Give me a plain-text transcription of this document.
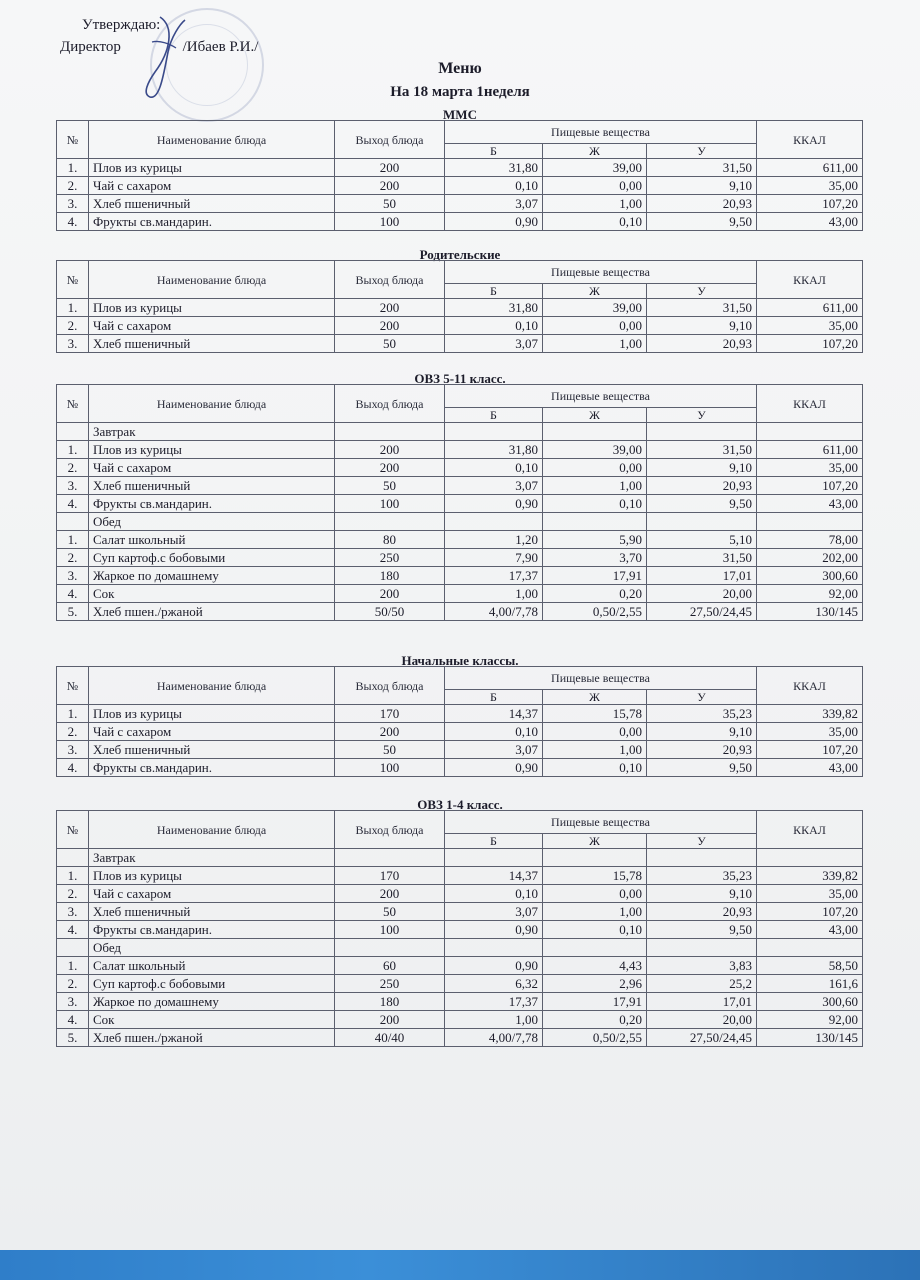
Утверждаю:
Директор	/Ибаев Р.И./
Меню
На 18 марта 1неделя
ММС
№	Наименование блюда	Выход блюда	Пищевые вещества			ККАЛ
			Б	Ж	У	
1.	Плов из курицы	200	31,80	39,00	31,50	611,00
2.	Чай с сахаром	200	0,10	0,00	9,10	35,00
3.	Хлеб пшеничный	50	3,07	1,00	20,93	107,20
4.	Фрукты св.мандарин.	100	0,90	0,10	9,50	43,00
Родительские
№	Наименование блюда	Выход блюда	Пищевые вещества			ККАЛ
			Б	Ж	У	
1.	Плов из курицы	200	31,80	39,00	31,50	611,00
2.	Чай с сахаром	200	0,10	0,00	9,10	35,00
3.	Хлеб пшеничный	50	3,07	1,00	20,93	107,20
ОВЗ 5-11 класс.
№	Наименование блюда	Выход блюда	Пищевые вещества			ККАЛ
			Б	Ж	У	
	Завтрак					
1.	Плов из курицы	200	31,80	39,00	31,50	611,00
2.	Чай с сахаром	200	0,10	0,00	9,10	35,00
3.	Хлеб пшеничный	50	3,07	1,00	20,93	107,20
4.	Фрукты св.мандарин.	100	0,90	0,10	9,50	43,00
	Обед					
1.	Салат школьный	80	1,20	5,90	5,10	78,00
2.	Суп картоф.с бобовыми	250	7,90	3,70	31,50	202,00
3.	Жаркое по домашнему	180	17,37	17,91	17,01	300,60
4.	Сок	200	1,00	0,20	20,00	92,00
5.	Хлеб пшен./ржаной	50/50	4,00/7,78	0,50/2,55	27,50/24,45	130/145
Начальные классы.
№	Наименование блюда	Выход блюда	Пищевые вещества			ККАЛ
			Б	Ж	У	
1.	Плов из курицы	170	14,37	15,78	35,23	339,82
2.	Чай с сахаром	200	0,10	0,00	9,10	35,00
3.	Хлеб пшеничный	50	3,07	1,00	20,93	107,20
4.	Фрукты св.мандарин.	100	0,90	0,10	9,50	43,00
ОВЗ 1-4 класс.
№	Наименование блюда	Выход блюда	Пищевые вещества			ККАЛ
			Б	Ж	У	
	Завтрак					
1.	Плов из курицы	170	14,37	15,78	35,23	339,82
2.	Чай с сахаром	200	0,10	0,00	9,10	35,00
3.	Хлеб пшеничный	50	3,07	1,00	20,93	107,20
4.	Фрукты св.мандарин.	100	0,90	0,10	9,50	43,00
	Обед					
1.	Салат школьный	60	0,90	4,43	3,83	58,50
2.	Суп картоф.с бобовыми	250	6,32	2,96	25,2	161,6
3.	Жаркое по домашнему	180	17,37	17,91	17,01	300,60
4.	Сок	200	1,00	0,20	20,00	92,00
5.	Хлеб пшен./ржаной	40/40	4,00/7,78	0,50/2,55	27,50/24,45	130/145
